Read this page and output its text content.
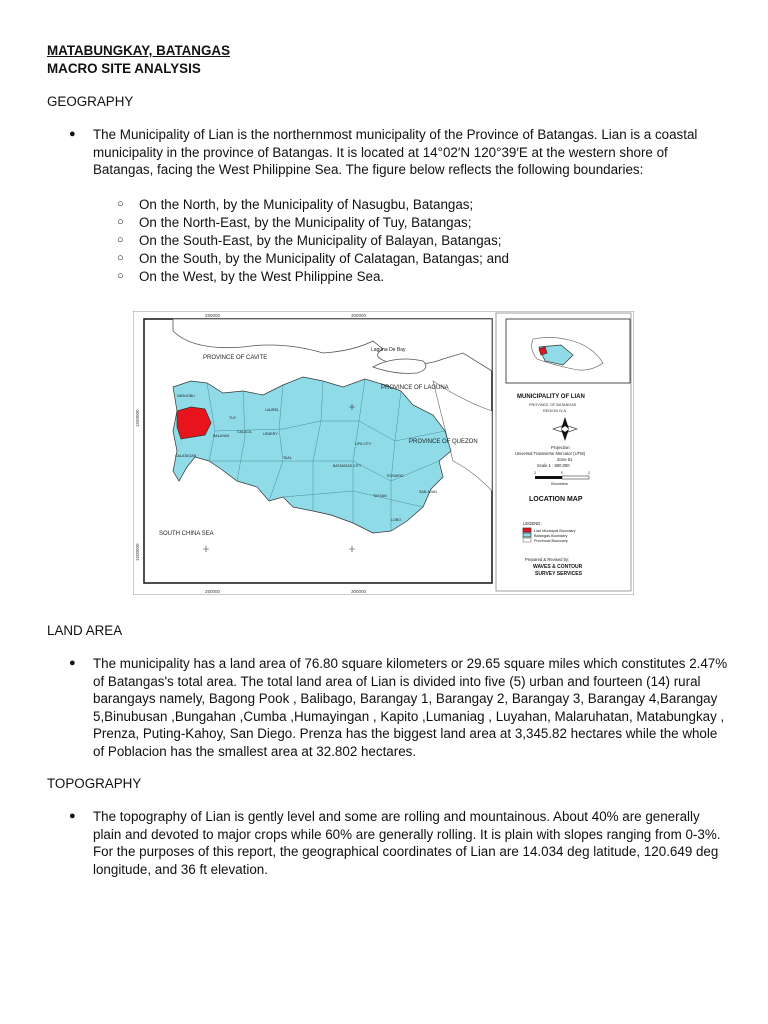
MATABUNGKAY, BATANGAS
MACRO SITE ANALYSIS
GEOGRAPHY
● The Municipality of Lian is the northernmost municipality of the Province of Batangas. Lian is a coastal municipality in the province of Batangas. It is located at 14°02′N 120°39′E at the western shore of Batangas, facing the West Philippine Sea. The figure below reflects the following boundaries:
○ On the North, by the Municipality of Nasugbu, Batangas;
○ On the North-East, by the Municipality of Tuy, Batangas;
○ On the South-East, by the Municipality of Balayan, Batangas;
○ On the South, by the Municipality of Calatagan, Batangas; and
○ On the West, by the West Philippine Sea.
250000	300000
250000	300000
1550000
1500000
PROVINCE OF CAVITE
Laguna De Bay
PROVINCE OF LAGUNA
PROVINCE OF QUEZON
SOUTH CHINA SEA
NASUGBU
TUY
BALAYAN
CALATAGAN
LEMERY
LAUREL
BATANGAS CITY
LIPA CITY
ROSARIO
TAYSAN
LOBO
SAN JUAN
CALACA
TAAL
MUNICIPALITY OF LIAN
PROVINCE OF BATANGAS
REGION IV-A
Projection
Universal Transverse Mercator (UTM)
Zone 51
Scale 1 : 600,000
2	0	2
Kilometers
LOCATION MAP
LEGEND :
Lian Municipal Boundary
Batangas Boundary
Provincial Boundary
Prepared & Revised by:
WAVES & CONTOUR
SURVEY SERVICES
LAND AREA
● The municipality has a land area of 76.80 square kilometers or 29.65 square miles which constitutes 2.47% of Batangas's total area. The total land area of Lian is divided into five (5) urban and fourteen (14) rural barangays namely, Bagong Pook , Balibago, Barangay 1, Barangay 2, Barangay 3, Barangay 4,Barangay 5,Binubusan ,Bungahan ,Cumba ,Humayingan , Kapito ,Lumaniag , Luyahan, Malaruhatan, Matabungkay , Prenza, Puting-Kahoy, San Diego. Prenza has the biggest land area at 3,345.82 hectares while the whole of Poblacion has the smallest area at 32.802 hectares.
TOPOGRAPHY
● The topography of Lian is gently level and some are rolling and mountainous. About 40% are generally plain and devoted to major crops while 60% are generally rolling. It is plain with slopes ranging from 0-3%. For the purposes of this report, the geographical coordinates of Lian are 14.034 deg latitude, 120.649 deg longitude, and 36 ft elevation.
